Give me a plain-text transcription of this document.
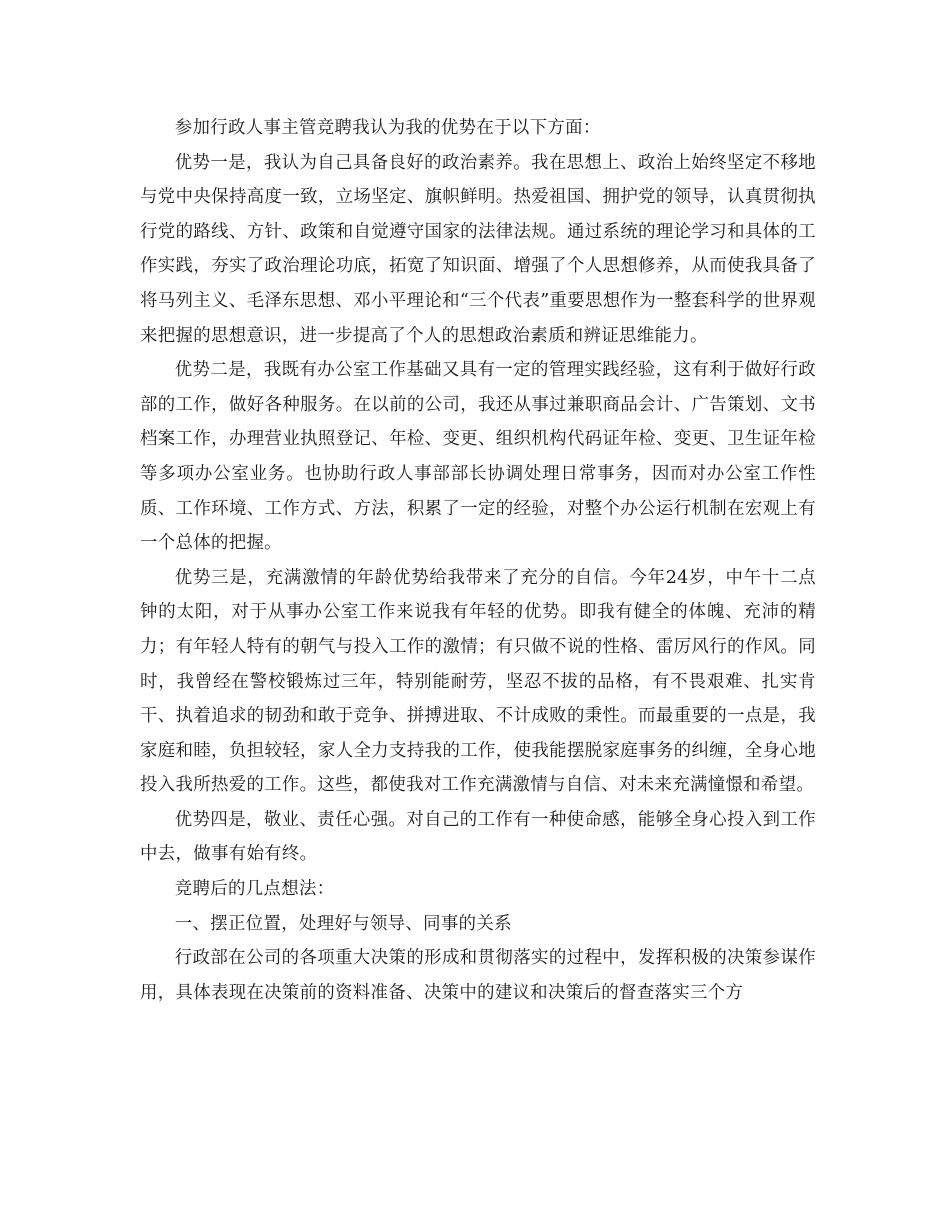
参加行政人事主管竞聘我认为我的优势在于以下方面：

优势一是，我认为自己具备良好的政治素养。我在思想上、政治上始终坚定不移地与党中央保持高度一致，立场坚定、旗帜鲜明。热爱祖国、拥护党的领导，认真贯彻执行党的路线、方针、政策和自觉遵守国家的法律法规。通过系统的理论学习和具体的工作实践，夯实了政治理论功底，拓宽了知识面、增强了个人思想修养，从而使我具备了将马列主义、毛泽东思想、邓小平理论和“三个代表”重要思想作为一整套科学的世界观来把握的思想意识，进一步提高了个人的思想政治素质和辨证思维能力。

优势二是，我既有办公室工作基础又具有一定的管理实践经验，这有利于做好行政部的工作，做好各种服务。在以前的公司，我还从事过兼职商品会计、广告策划、文书档案工作，办理营业执照登记、年检、变更、组织机构代码证年检、变更、卫生证年检等多项办公室业务。也协助行政人事部部长协调处理日常事务，因而对办公室工作性质、工作环境、工作方式、方法，积累了一定的经验，对整个办公运行机制在宏观上有一个总体的把握。

优势三是，充满激情的年龄优势给我带来了充分的自信。今年24岁，中午十二点钟的太阳，对于从事办公室工作来说我有年轻的优势。即我有健全的体魄、充沛的精力；有年轻人特有的朝气与投入工作的激情；有只做不说的性格、雷厉风行的作风。同时，我曾经在警校锻炼过三年，特别能耐劳，坚忍不拔的品格，有不畏艰难、扎实肯干、执着追求的韧劲和敢于竞争、拼搏进取、不计成败的秉性。而最重要的一点是，我家庭和睦，负担较轻，家人全力支持我的工作，使我能摆脱家庭事务的纠缠，全身心地投入我所热爱的工作。这些，都使我对工作充满激情与自信、对未来充满憧憬和希望。

优势四是，敬业、责任心强。对自己的工作有一种使命感，能够全身心投入到工作中去，做事有始有终。

竞聘后的几点想法：

一、摆正位置，处理好与领导、同事的关系

行政部在公司的各项重大决策的形成和贯彻落实的过程中，发挥积极的决策参谋作用，具体表现在决策前的资料准备、决策中的建议和决策后的督查落实三个方
